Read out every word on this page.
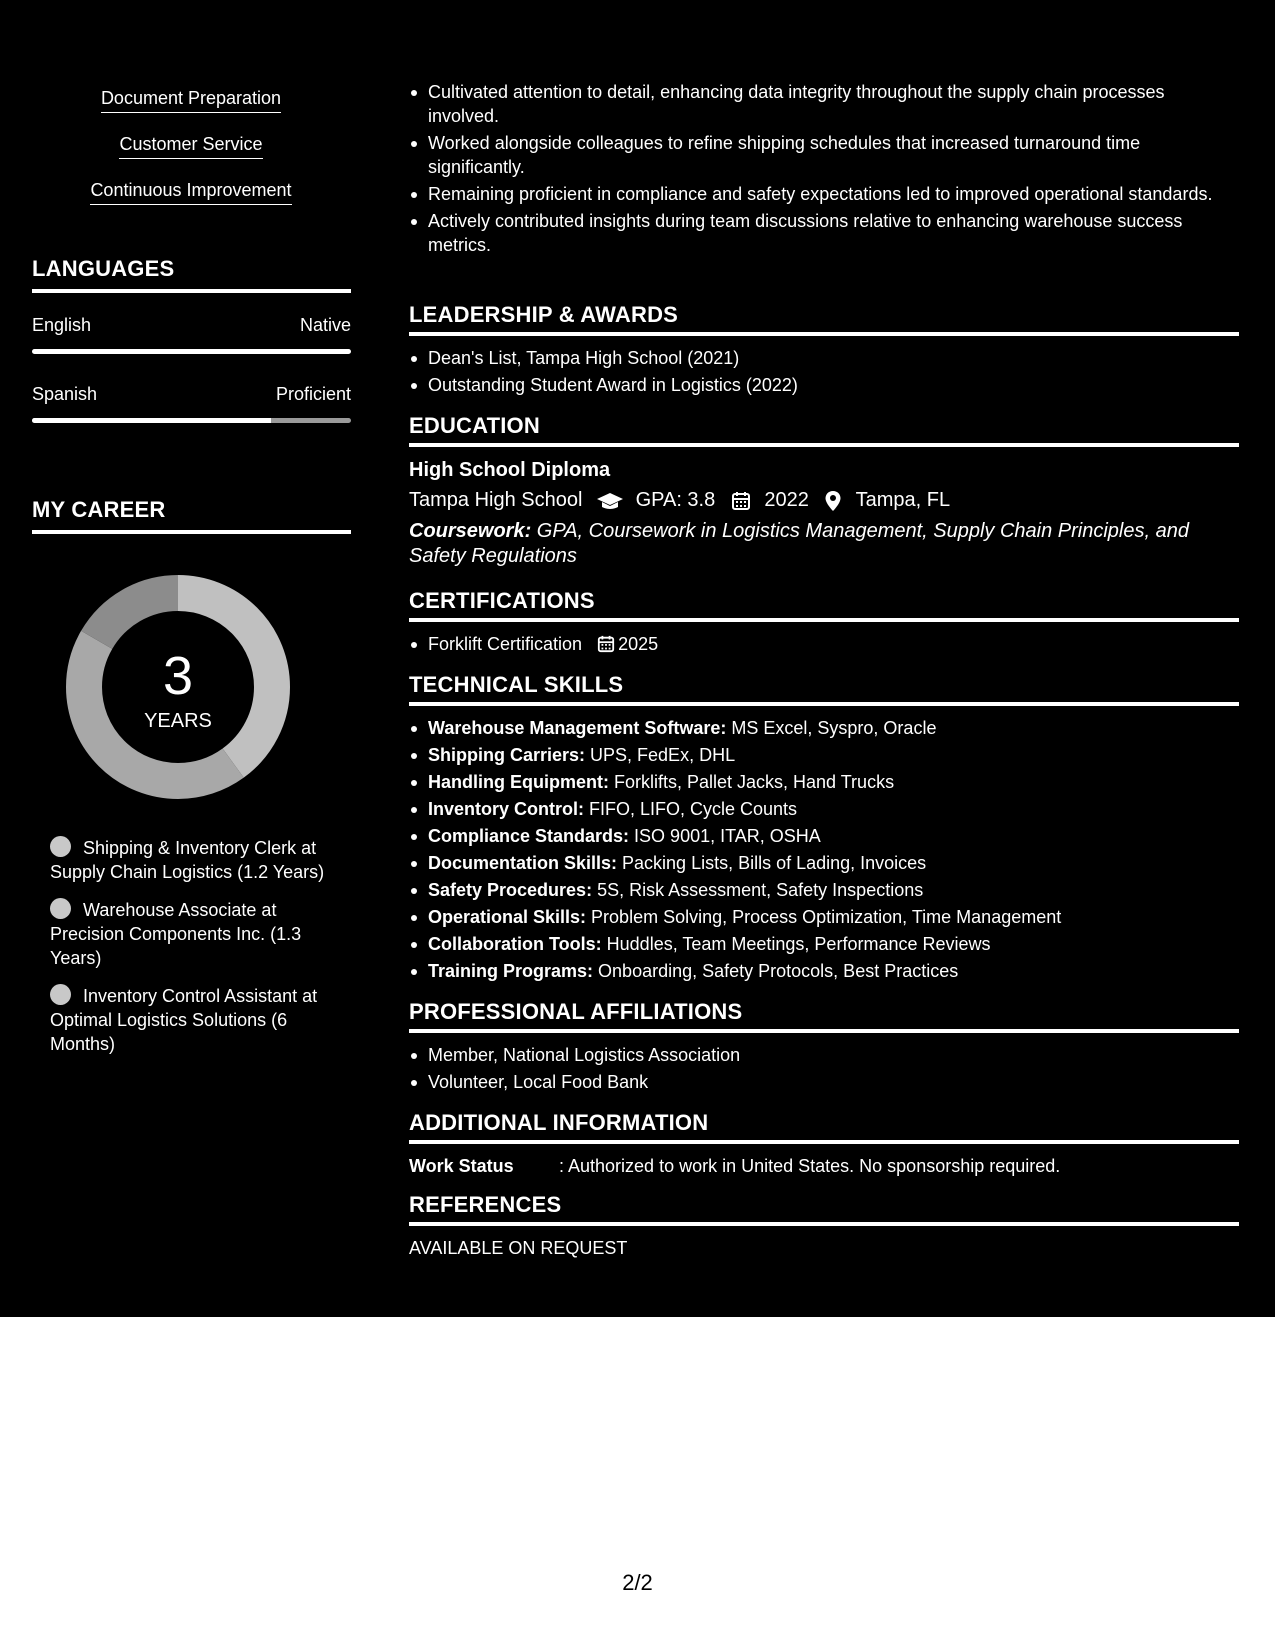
Document Preparation
Customer Service
Continuous Improvement
LANGUAGES
English	Native
Spanish	Proficient
MY CAREER
3
YEARS
Shipping & Inventory Clerk at Supply Chain Logistics (1.2 Years)
Warehouse Associate at Precision Components Inc. (1.3 Years)
Inventory Control Assistant at Optimal Logistics Solutions (6 Months)
Cultivated attention to detail, enhancing data integrity throughout the supply chain processes involved.
Worked alongside colleagues to refine shipping schedules that increased turnaround time significantly.
Remaining proficient in compliance and safety expectations led to improved operational standards.
Actively contributed insights during team discussions relative to enhancing warehouse success metrics.
LEADERSHIP & AWARDS
Dean's List, Tampa High School (2021)
Outstanding Student Award in Logistics (2022)
EDUCATION
High School Diploma
Tampa High School	GPA: 3.8 2022 Tampa, FL
Coursework: GPA, Coursework in Logistics Management, Supply Chain Principles, and Safety Regulations
CERTIFICATIONS
Forklift Certification 2025
TECHNICAL SKILLS
Warehouse Management Software: MS Excel, Syspro, Oracle
Shipping Carriers: UPS, FedEx, DHL
Handling Equipment: Forklifts, Pallet Jacks, Hand Trucks
Inventory Control: FIFO, LIFO, Cycle Counts
Compliance Standards: ISO 9001, ITAR, OSHA
Documentation Skills: Packing Lists, Bills of Lading, Invoices
Safety Procedures: 5S, Risk Assessment, Safety Inspections
Operational Skills: Problem Solving, Process Optimization, Time Management
Collaboration Tools: Huddles, Team Meetings, Performance Reviews
Training Programs: Onboarding, Safety Protocols, Best Practices
PROFESSIONAL AFFILIATIONS
Member, National Logistics Association
Volunteer, Local Food Bank
ADDITIONAL INFORMATION
Work Status	: Authorized to work in United States. No sponsorship required.
REFERENCES
AVAILABLE ON REQUEST
2/2
